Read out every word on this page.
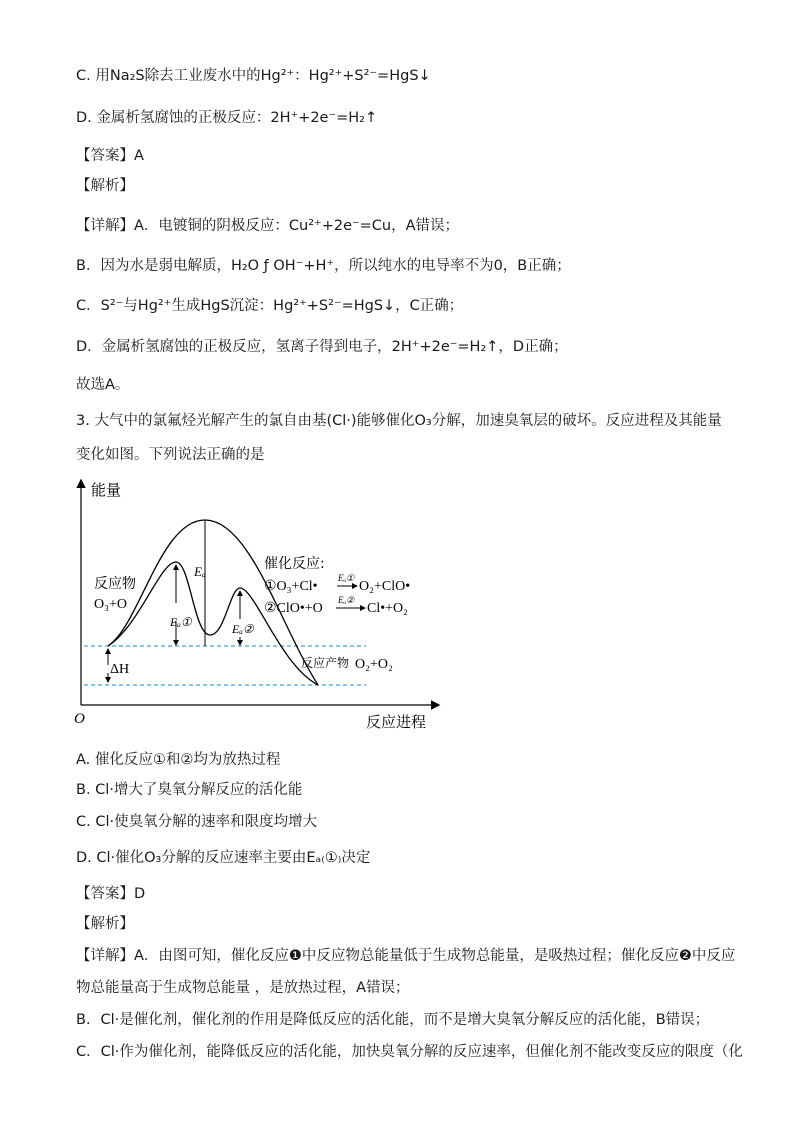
C. 用Na₂S除去工业废水中的Hg²⁺：Hg²⁺+S²⁻=HgS↓
D. 金属析氢腐蚀的正极反应：2H⁺+2e⁻=H₂↑
【答案】A
【解析】
【详解】A．电镀铜的阴极反应：Cu²⁺+2e⁻=Cu，A错误；
B．因为水是弱电解质，H₂O ƒ OH⁻+H⁺，所以纯水的电导率不为0，B正确；
C．S²⁻与Hg²⁺生成HgS沉淀：Hg²⁺+S²⁻=HgS↓，C正确；
D．金属析氢腐蚀的正极反应，氢离子得到电子，2H⁺+2e⁻=H₂↑，D正确；
故选A。
3. 大气中的氯氟烃光解产生的氯自由基(Cl·)能够催化O₃分解，加速臭氧层的破坏。反应进程及其能量
变化如图。下列说法正确的是
能量
反应进程
O
Eₐ
Eₐ①	Eₐ②
ΔH
反应物
O₃+O
反应产物 O₂+O₂
催化反应:
①O₃+Cl•
Eₐ①
O₂+ClO•
②ClO•+O
Eₐ②
Cl•+O₂
A. 催化反应①和②均为放热过程
B. Cl·增大了臭氧分解反应的活化能
C. Cl·使臭氧分解的速率和限度均增大
D. Cl·催化O₃分解的反应速率主要由Eₐ₍①₎决定
【答案】D
【解析】
【详解】A．由图可知，催化反应❶中反应物总能量低于生成物总能量，是吸热过程；催化反应❷中反应
物总能量高于生成物总能量 ，是放热过程，A错误；
B．Cl·是催化剂，催化剂的作用是降低反应的活化能，而不是增大臭氧分解反应的活化能，B错误；
C．Cl·作为催化剂，能降低反应的活化能，加快臭氧分解的反应速率，但催化剂不能改变反应的限度（化
